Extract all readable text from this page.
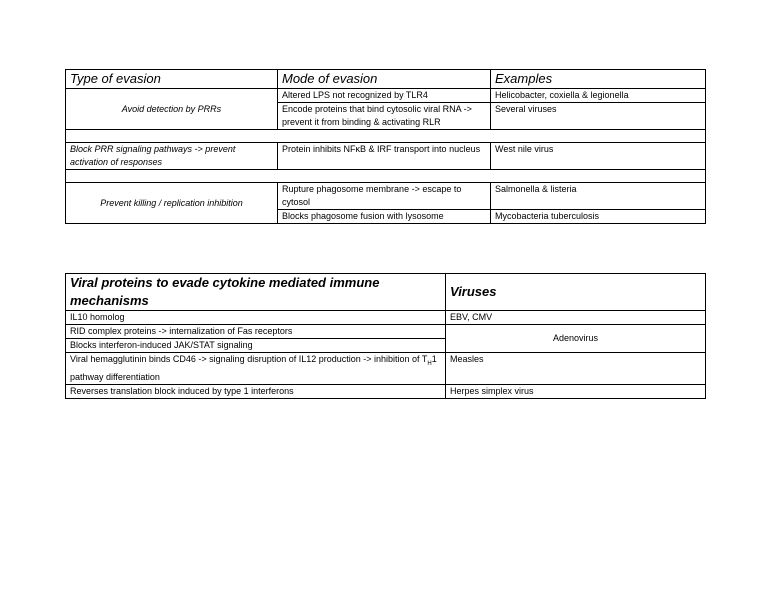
Type of evasion	Mode of evasion	Examples
Avoid detection by PRRs	Altered LPS not recognized by TLR4	Helicobacter, coxiella & legionella
	Encode proteins that bind cytosolic viral RNA -> prevent it from binding & activating RLR	Several viruses

Block PRR signaling pathways -> prevent activation of responses	Protein inhibits NFκB & IRF transport into nucleus	West nile virus

Prevent killing / replication inhibition	Rupture phagosome membrane -> escape to cytosol	Salmonella & listeria
	Blocks phagosome fusion with lysosome	Mycobacteria tuberculosis
Viral proteins to evade cytokine mediated immune mechanisms	Viruses
IL10 homolog	EBV, CMV
RID complex proteins -> internalization of Fas receptors	Adenovirus
Blocks interferon-induced JAK/STAT signaling	
Viral hemagglutinin binds CD46 -> signaling disruption of IL12 production -> inhibition of $T_H1$ pathway differentiation	Measles
Reverses translation block induced by type 1 interferons	Herpes simplex virus
